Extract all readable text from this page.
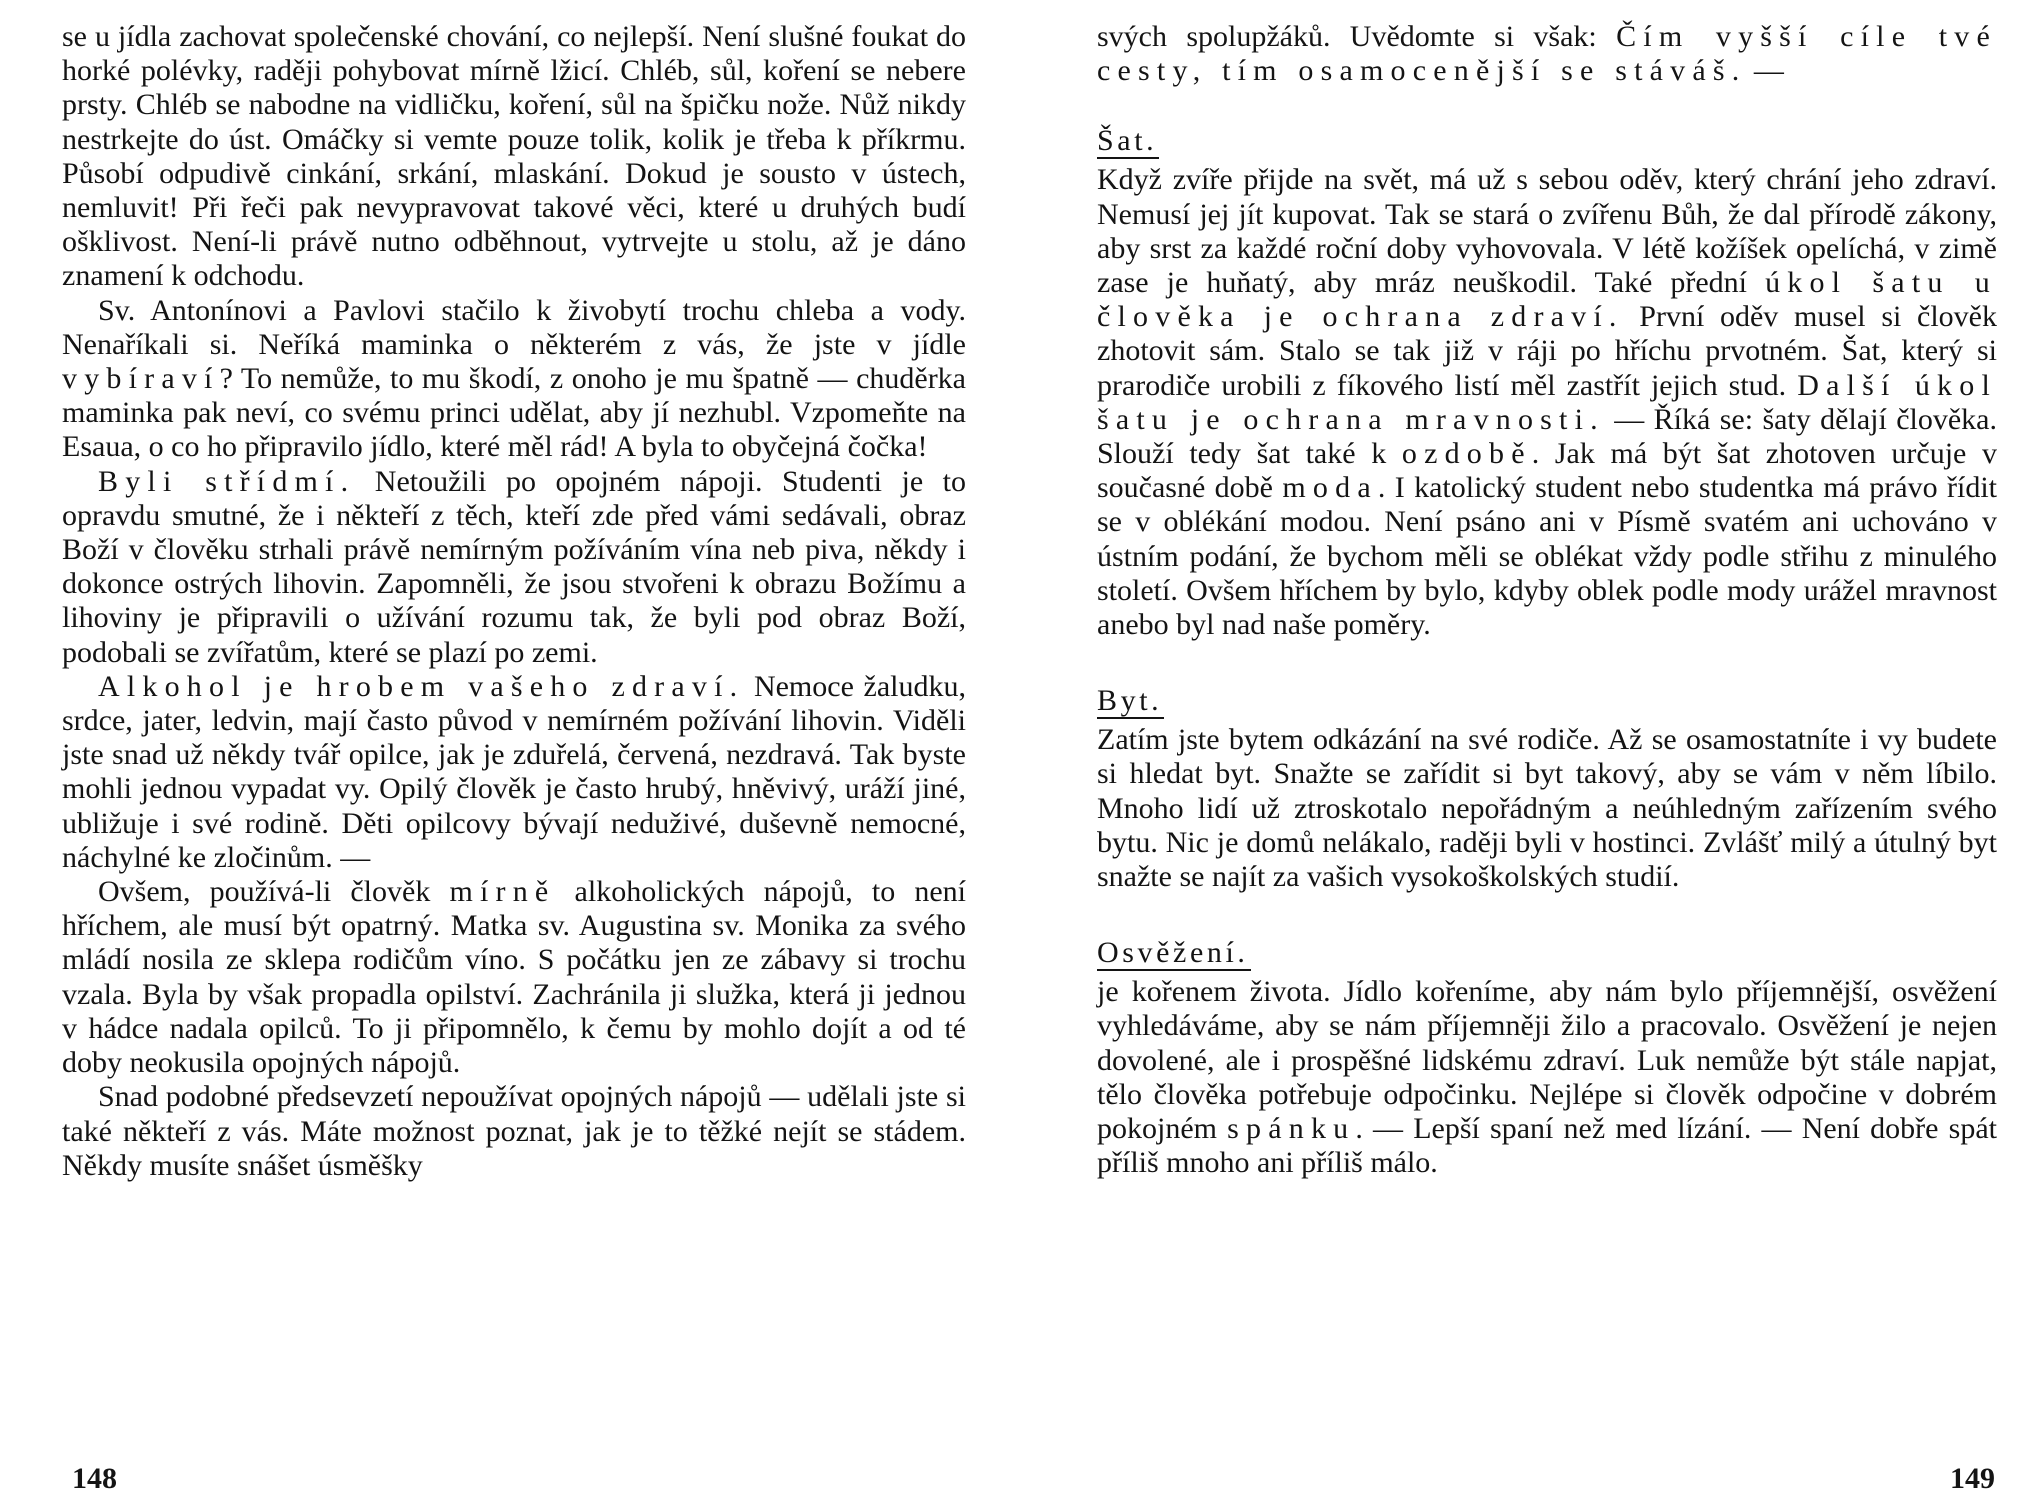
se u jídla zachovat společenské chování, co nejlepší. Není slušné foukat do horké polévky, raději pohybovat mírně lžicí. Chléb, sůl, koření se nebere prsty. Chléb se nabodne na vidličku, koření, sůl na špičku nože. Nůž nikdy nestrkejte do úst. Omáčky si vemte pouze tolik, kolik je třeba k příkrmu. Působí odpudivě cinkání, srkání, mlaskání. Dokud je sousto v ústech, nemluvit! Při řeči pak nevypravovat takové věci, které u druhých budí ošklivost. Není-li právě nutno odběhnout, vytrvejte u stolu, až je dáno znamení k odchodu.

Sv. Antonínovi a Pavlovi stačilo k živobytí trochu chleba a vody. Nenaříkali si. Neříká maminka o některém z vás, že jste v jídle vybíraví? To nemůže, to mu škodí, z onoho je mu špatně — chuděrka maminka pak neví, co svému princi udělat, aby jí nezhubl. Vzpomeňte na Esaua, o co ho připravilo jídlo, které měl rád! A byla to obyčejná čočka!

Byli střídmí. Netoužili po opojném nápoji. Studenti je to opravdu smutné, že i někteří z těch, kteří zde před vámi sedávali, obraz Boží v člověku strhali právě nemírným požíváním vína neb piva, někdy i dokonce ostrých lihovin. Zapomněli, že jsou stvořeni k obrazu Božímu a lihoviny je připravili o užívání rozumu tak, že byli pod obraz Boží, podobali se zvířatům, které se plazí po zemi.

Alkohol je hrobem vašeho zdraví. Nemoce žaludku, srdce, jater, ledvin, mají často původ v nemírném požívání lihovin. Viděli jste snad už někdy tvář opilce, jak je zduřelá, červená, nezdravá. Tak byste mohli jednou vypadat vy. Opilý člověk je často hrubý, hněvivý, uráží jiné, ubližuje i své rodině. Děti opilcovy bývají neduživé, duševně nemocné, náchylné ke zločinům. —

Ovšem, používá-li člověk mírně alkoholických nápojů, to není hříchem, ale musí být opatrný. Matka sv. Augustina sv. Monika za svého mládí nosila ze sklepa rodičům víno. S počátku jen ze zábavy si trochu vzala. Byla by však propadla opilství. Zachránila ji služka, která ji jednou v hádce nadala opilců. To ji připomnělo, k čemu by mohlo dojít a od té doby neokusila opojných nápojů.

Snad podobné předsevzetí nepoužívat opojných nápojů — udělali jste si také někteří z vás. Máte možnost poznat, jak je to těžké nejít se stádem. Někdy musíte snášet úsměšky

svých spolupžáků. Uvědomte si však: Čím vyšší cíle tvé cesty, tím osamocenější se stáváš. —

Šat.

Když zvíře přijde na svět, má už s sebou oděv, který chrání jeho zdraví. Nemusí jej jít kupovat. Tak se stará o zvířenu Bůh, že dal přírodě zákony, aby srst za každé roční doby vyhovovala. V létě kožíšek opelíchá, v zimě zase je huňatý, aby mráz neuškodil. Také přední úkol šatu u člověka je ochrana zdraví. První oděv musel si člověk zhotovit sám. Stalo se tak již v ráji po hříchu prvotném. Šat, který si prarodiče urobili z fíkového listí měl zastřít jejich stud. Další úkol šatu je ochrana mravnosti. — Říká se: šaty dělají člověka. Slouží tedy šat také k ozdobě. Jak má být šat zhotoven určuje v současné době moda. I katolický student nebo studentka má právo řídit se v oblékání modou. Není psáno ani v Písmě svatém ani uchováno v ústním podání, že bychom měli se oblékat vždy podle střihu z minulého století. Ovšem hříchem by bylo, kdyby oblek podle mody urážel mravnost anebo byl nad naše poměry.

Byt.

Zatím jste bytem odkázání na své rodiče. Až se osamostatníte i vy budete si hledat byt. Snažte se zařídit si byt takový, aby se vám v něm líbilo. Mnoho lidí už ztroskotalo nepořádným a neúhledným zařízením svého bytu. Nic je domů nelákalo, raději byli v hostinci. Zvlášť milý a útulný byt snažte se najít za vašich vysokoškolských studií.

Osvěžení.

je kořenem života. Jídlo kořeníme, aby nám bylo příjemnější, osvěžení vyhledáváme, aby se nám příjemněji žilo a pracovalo. Osvěžení je nejen dovolené, ale i prospěšné lidskému zdraví. Luk nemůže být stále napjat, tělo člověka potřebuje odpočinku. Nejlépe si člověk odpočine v dobrém pokojném spánku. — Lepší spaní než med lízání. — Není dobře spát příliš mnoho ani příliš málo.

148	149
